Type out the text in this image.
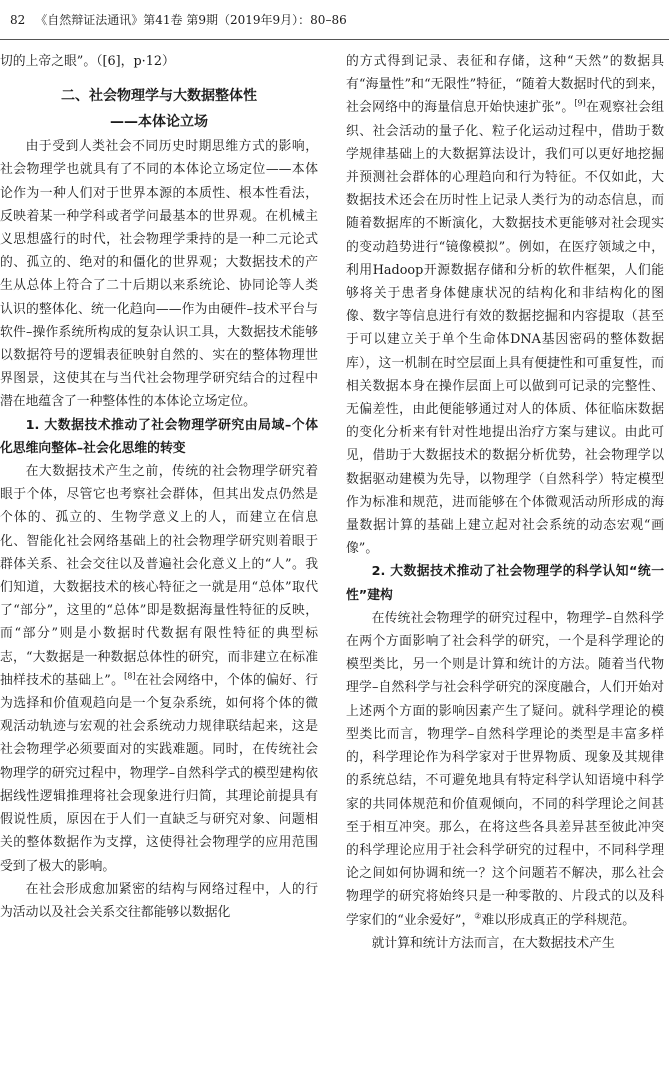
82 《自然辩证法通讯》第41卷 第9期（2019年9月）：80–86

切的上帝之眼”。（[6]，p·12）

二、社会物理学与大数据整体性

——本体论立场

由于受到人类社会不同历史时期思维方式的影响，社会物理学也就具有了不同的本体论立场定位——本体论作为一种人们对于世界本源的本质性、根本性看法，反映着某一种学科或者学问最基本的世界观。在机械主义思想盛行的时代，社会物理学秉持的是一种二元论式的、孤立的、绝对的和僵化的世界观；大数据技术的产生从总体上符合了二十后期以来系统论、协同论等人类认识的整体化、统一化趋向——作为由硬件–技术平台与软件–操作系统所构成的复杂认识工具，大数据技术能够以数据符号的逻辑表征映射自然的、实在的整体物理世界图景，这使其在与当代社会物理学研究结合的过程中潜在地蕴含了一种整体性的本体论立场定位。

1. 大数据技术推动了社会物理学研究由局域–个体化思维向整体–社会化思维的转变

在大数据技术产生之前，传统的社会物理学研究着眼于个体，尽管它也考察社会群体，但其出发点仍然是个体的、孤立的、生物学意义上的人，而建立在信息化、智能化社会网络基础上的社会物理学研究则着眼于群体关系、社会交往以及普遍社会化意义上的“人”。我们知道，大数据技术的核心特征之一就是用“总体”取代了“部分”，这里的“总体”即是数据海量性特征的反映，而“部分”则是小数据时代数据有限性特征的典型标志，“大数据是一种数据总体性的研究，而非建立在标准抽样技术的基础上”。[8]在社会网络中，个体的偏好、行为选择和价值观趋向是一个复杂系统，如何将个体的微观活动轨迹与宏观的社会系统动力规律联结起来，这是社会物理学必须要面对的实践难题。同时，在传统社会物理学的研究过程中，物理学–自然科学式的模型建构依据线性逻辑推理将社会现象进行归简，其理论前提具有假说性质，原因在于人们一直缺乏与研究对象、问题相关的整体数据作为支撑，这使得社会物理学的应用范围受到了极大的影响。

在社会形成愈加紧密的结构与网络过程中，人的行为活动以及社会关系交往都能够以数据化

的方式得到记录、表征和存储，这种“天然”的数据具有“海量性”和“无限性”特征，“随着大数据时代的到来，社会网络中的海量信息开始快速扩张”。[9]在观察社会组织、社会活动的量子化、粒子化运动过程中，借助于数学规律基础上的大数据算法设计，我们可以更好地挖掘并预测社会群体的心理趋向和行为特征。不仅如此，大数据技术还会在历时性上记录人类行为的动态信息，而随着数据库的不断演化，大数据技术更能够对社会现实的变动趋势进行“镜像模拟”。例如，在医疗领域之中，利用Hadoop开源数据存储和分析的软件框架，人们能够将关于患者身体健康状况的结构化和非结构化的图像、数字等信息进行有效的数据挖掘和内容提取（甚至于可以建立关于单个生命体DNA基因密码的整体数据库），这一机制在时空层面上具有便捷性和可重复性，而相关数据本身在操作层面上可以做到可记录的完整性、无偏差性，由此便能够通过对人的体质、体征临床数据的变化分析来有针对性地提出治疗方案与建议。由此可见，借助于大数据技术的数据分析优势，社会物理学以数据驱动建模为先导，以物理学（自然科学）特定模型作为标准和规范，进而能够在个体微观活动所形成的海量数据计算的基础上建立起对社会系统的动态宏观“画像”。

2. 大数据技术推动了社会物理学的科学认知“统一性”建构

在传统社会物理学的研究过程中，物理学–自然科学在两个方面影响了社会科学的研究，一个是科学理论的模型类比，另一个则是计算和统计的方法。随着当代物理学–自然科学与社会科学研究的深度融合，人们开始对上述两个方面的影响因素产生了疑问。就科学理论的模型类比而言，物理学–自然科学理论的类型是丰富多样的，科学理论作为科学家对于世界物质、现象及其规律的系统总结，不可避免地具有特定科学认知语境中科学家的共同体规范和价值观倾向，不同的科学理论之间甚至于相互冲突。那么，在将这些各具差异甚至彼此冲突的科学理论应用于社会科学研究的过程中，不同科学理论之间如何协调和统一？这个问题若不解决，那么社会物理学的研究将始终只是一种零散的、片段式的以及科学家们的“业余爱好”，②难以形成真正的学科规范。

就计算和统计方法而言，在大数据技术产生
